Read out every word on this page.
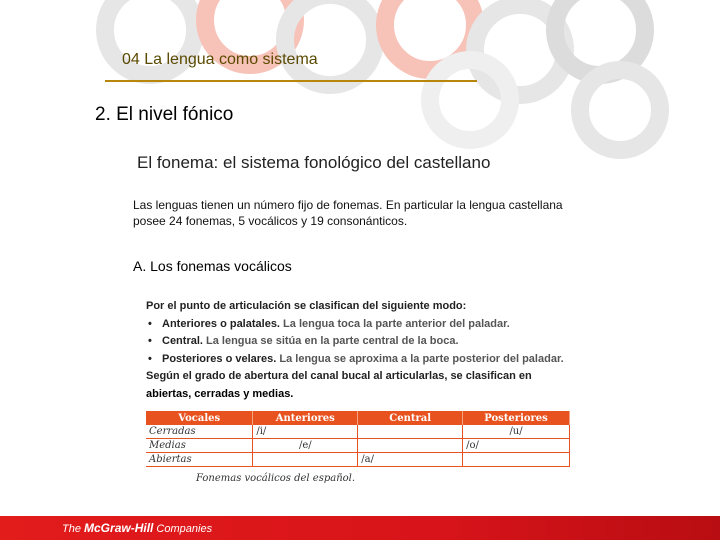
04 La lengua como sistema
2. El nivel fónico
El fonema: el sistema fonológico del castellano
Las lenguas tienen un número fijo de fonemas. En particular la lengua castellana posee 24 fonemas, 5 vocálicos y 19 consonánticos.
A. Los fonemas vocálicos
Por el punto de articulación se clasifican del siguiente modo:
• Anteriores o palatales. La lengua toca la parte anterior del paladar.
• Central. La lengua se sitúa en la parte central de la boca.
• Posteriores o velares. La lengua se aproxima a la parte posterior del paladar.
Según el grado de abertura del canal bucal al articularlas, se clasifican en abiertas, cerradas y medias.
Vocales	Anteriores	Central	Posteriores
Cerradas	/i/		/u/
Medias	/e/		/o/
Abiertas		/a/	
Fonemas vocálicos del español.
The McGraw-Hill Companies
